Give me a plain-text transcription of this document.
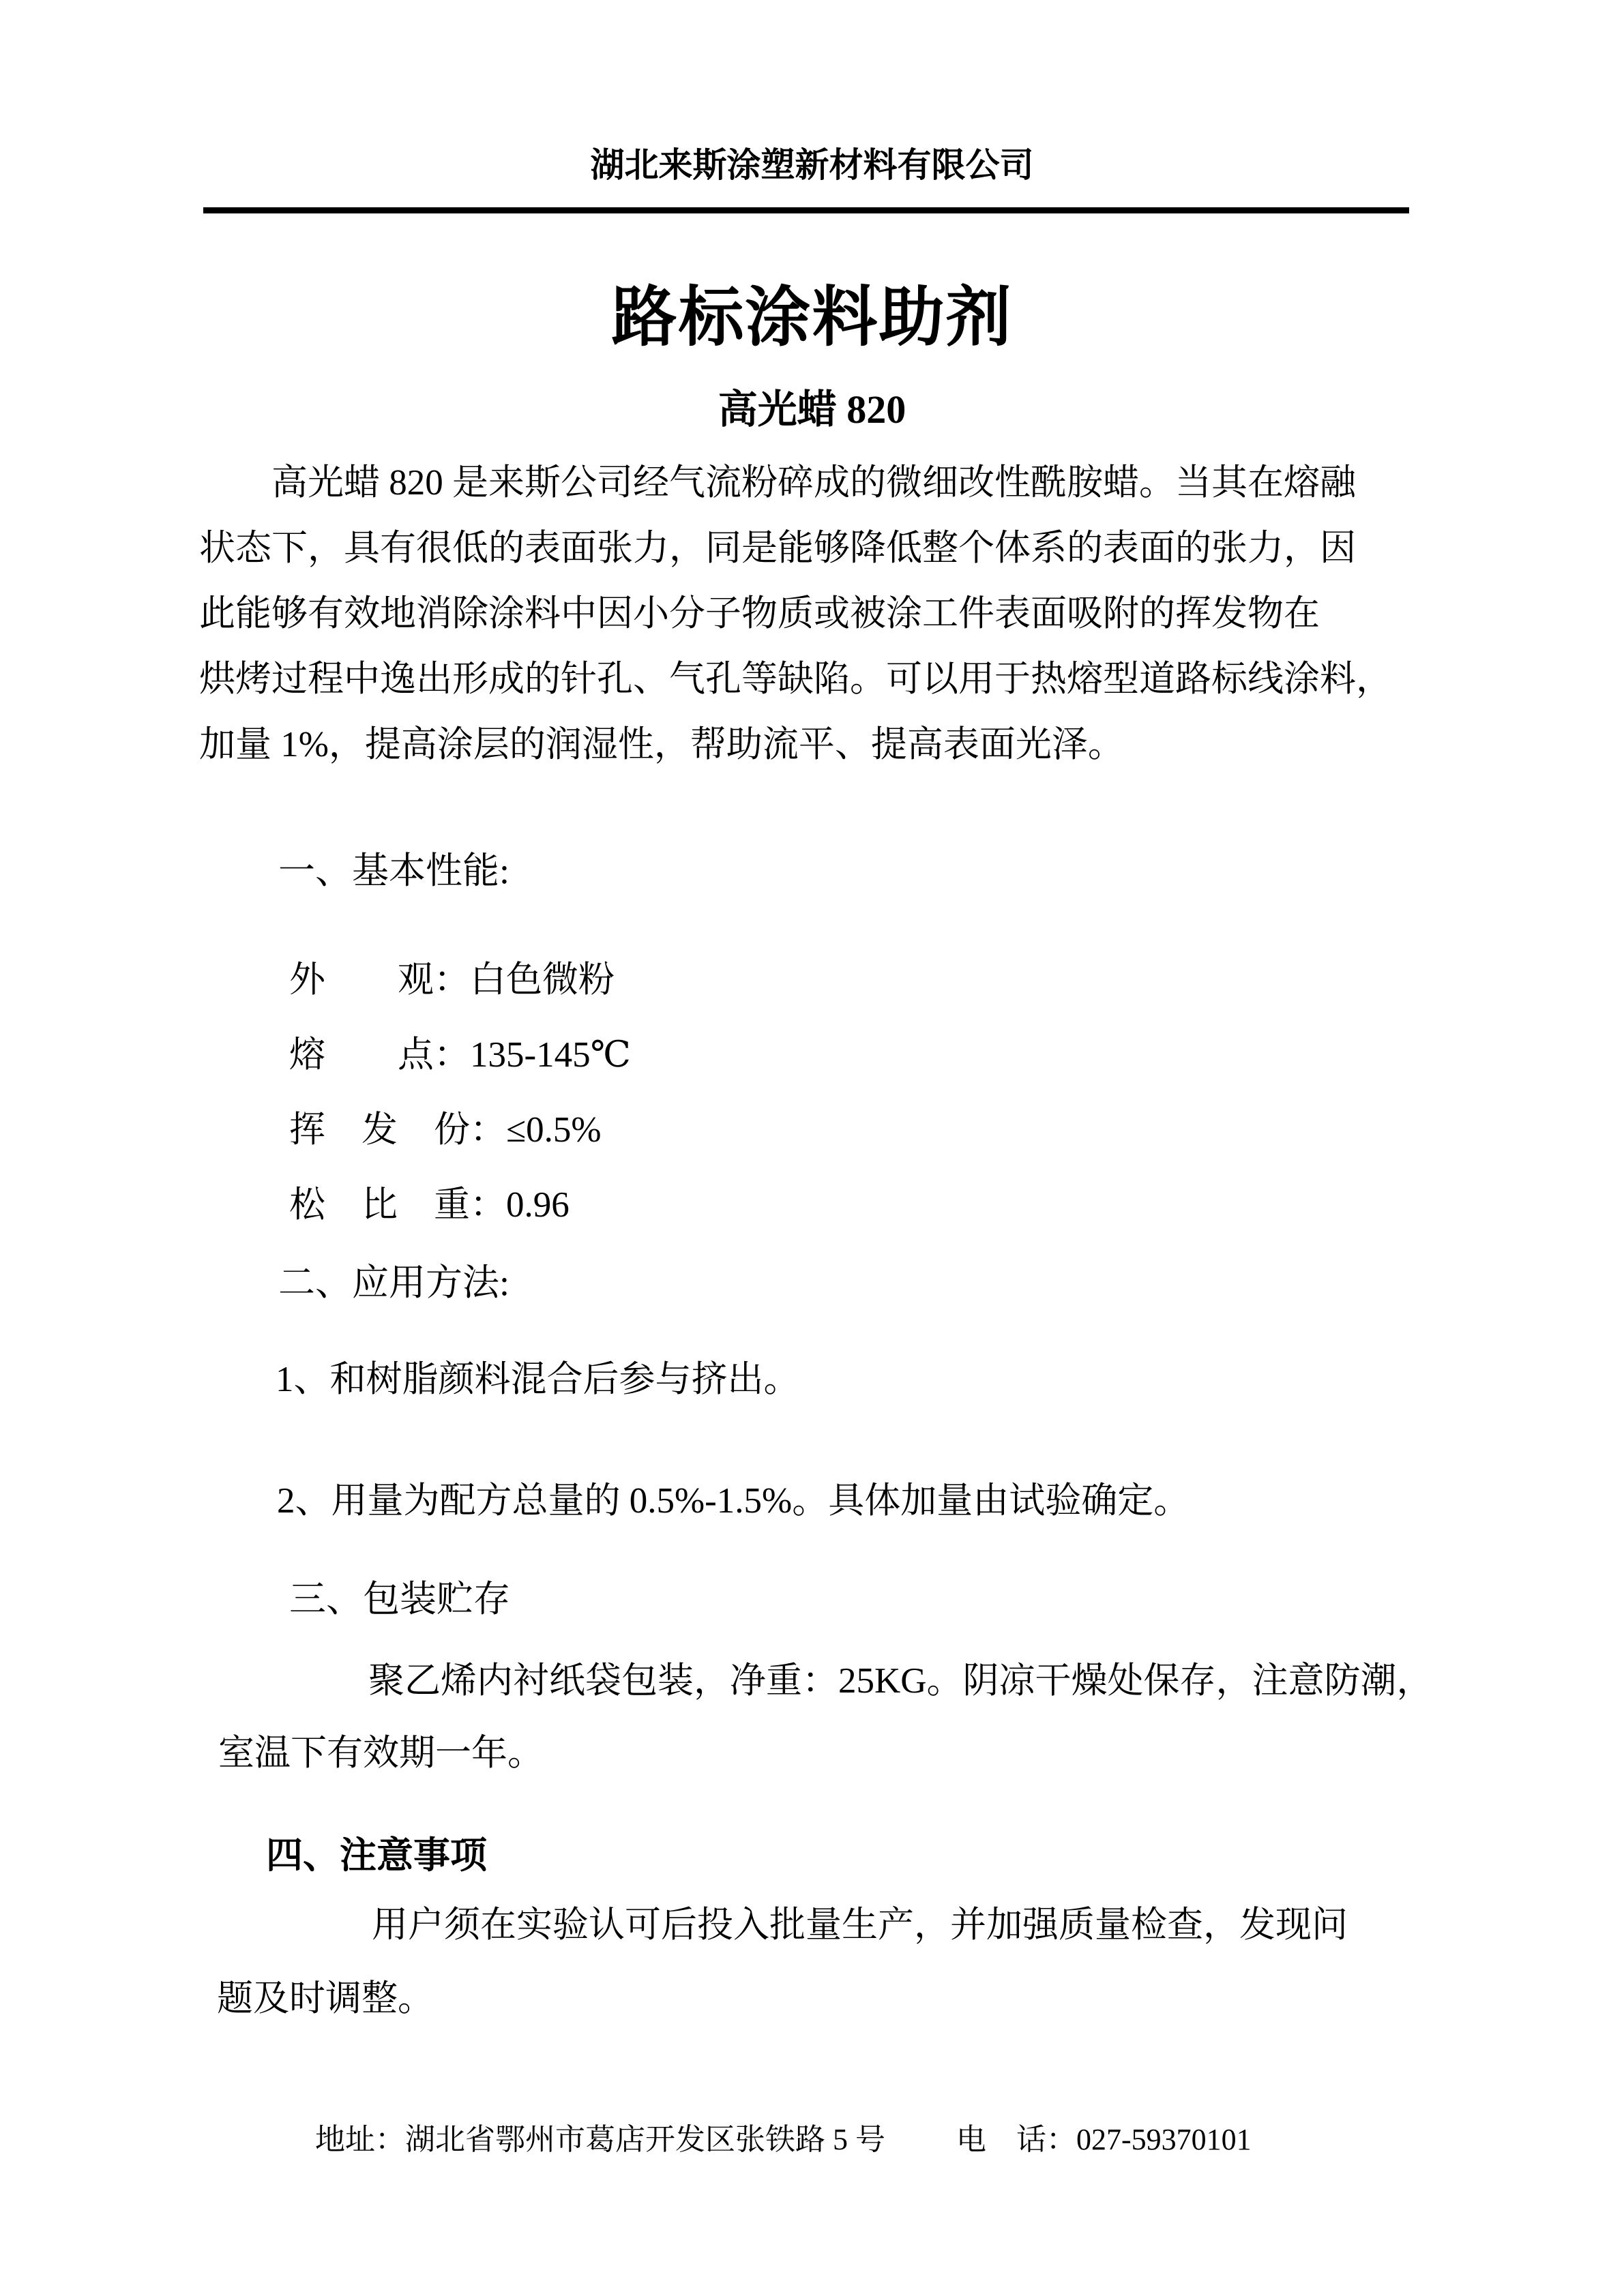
湖北来斯涂塑新材料有限公司
路标涂料助剂
高光蜡 820
高光蜡 820 是来斯公司经气流粉碎成的微细改性酰胺蜡。当其在熔融
状态下，具有很低的表面张力，同是能够降低整个体系的表面的张力，因
此能够有效地消除涂料中因小分子物质或被涂工件表面吸附的挥发物在
烘烤过程中逸出形成的针孔、气孔等缺陷。可以用于热熔型道路标线涂料，
加量 1%，提高涂层的润湿性，帮助流平、提高表面光泽。
一、基本性能:
外　　观：白色微粉
熔　　点：135-145℃
挥　发　份：≤0.5%
松　比　重：0.96
二、应用方法:
1、和树脂颜料混合后参与挤出。
2、用量为配方总量的 0.5%-1.5%。具体加量由试验确定。
三、包装贮存
聚乙烯内衬纸袋包装，净重：25KG。阴凉干燥处保存，注意防潮，
室温下有效期一年。
四、注意事项
用户须在实验认可后投入批量生产，并加强质量检查，发现问
题及时调整。
地址：湖北省鄂州市葛店开发区张铁路 5 号 电　话：027-59370101
